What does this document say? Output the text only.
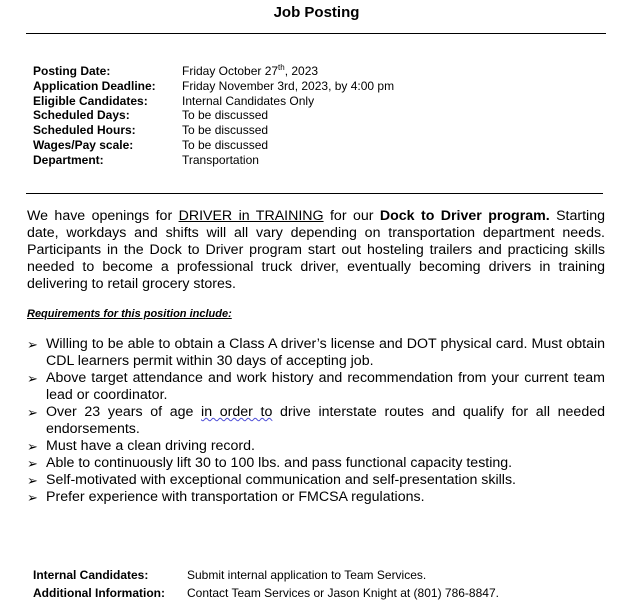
Job Posting
Posting Date:	Friday October 27th, 2023
Application Deadline:	Friday November 3rd, 2023, by 4:00 pm
Eligible Candidates:	Internal Candidates Only
Scheduled Days:	To be discussed
Scheduled Hours:	To be discussed
Wages/Pay scale:	To be discussed
Department:	Transportation

We have openings for DRIVER in TRAINING for our Dock to Driver program. Starting date, workdays and shifts will all vary depending on transportation department needs. Participants in the Dock to Driver program start out hosteling trailers and practicing skills needed to become a professional truck driver, eventually becoming drivers in training delivering to retail grocery stores.

Requirements for this position include:
➢ Willing to be able to obtain a Class A driver’s license and DOT physical card. Must obtain CDL learners permit within 30 days of accepting job.
➢ Above target attendance and work history and recommendation from your current team lead or coordinator.
➢ Over 23 years of age in order to drive interstate routes and qualify for all needed endorsements.
➢ Must have a clean driving record.
➢ Able to continuously lift 30 to 100 lbs. and pass functional capacity testing.
➢ Self-motivated with exceptional communication and self-presentation skills.
➢ Prefer experience with transportation or FMCSA regulations.
Internal Candidates:	Submit internal application to Team Services.
Additional Information:	Contact Team Services or Jason Knight at (801) 786-8847.
